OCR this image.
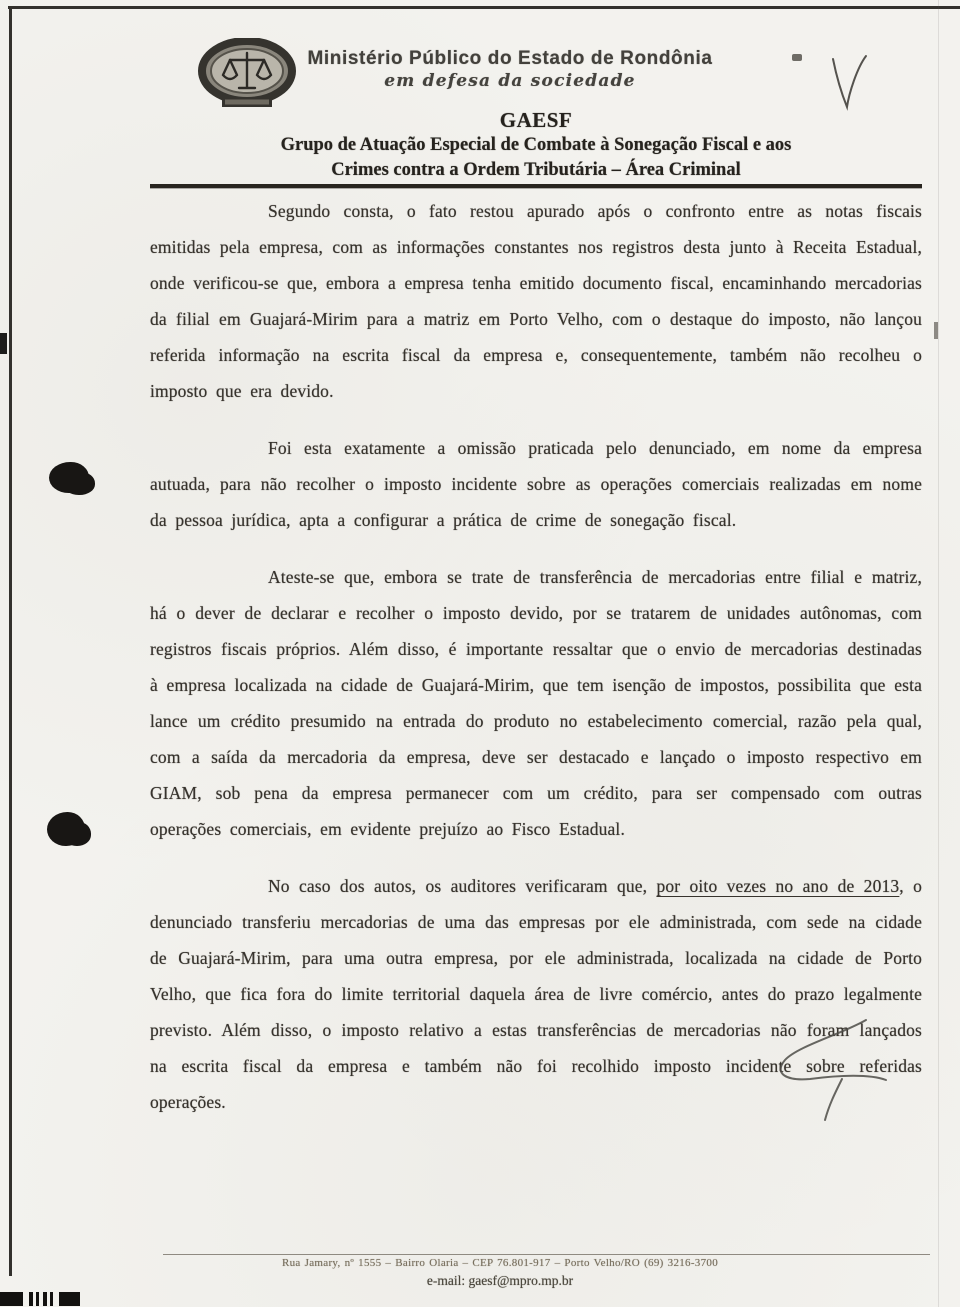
Ministério Público do Estado de Rondônia
em defesa da sociedade
GAESF
Grupo de Atuação Especial de Combate à Sonegação Fiscal e aos
Crimes contra a Ordem Tributária – Área Criminal

Segundo consta, o fato restou apurado após o confronto entre as notas fiscais emitidas pela empresa, com as informações constantes nos registros desta junto à Receita Estadual, onde verificou-se que, embora a empresa tenha emitido documento fiscal, encaminhando mercadorias da filial em Guajará-Mirim para a matriz em Porto Velho, com o destaque do imposto, não lançou referida informação na escrita fiscal da empresa e, consequentemente, também não recolheu o imposto que era devido.

Foi esta exatamente a omissão praticada pelo denunciado, em nome da empresa autuada, para não recolher o imposto incidente sobre as operações comerciais realizadas em nome da pessoa jurídica, apta a configurar a prática de crime de sonegação fiscal.

Ateste-se que, embora se trate de transferência de mercadorias entre filial e matriz, há o dever de declarar e recolher o imposto devido, por se tratarem de unidades autônomas, com registros fiscais próprios. Além disso, é importante ressaltar que o envio de mercadorias destinadas à empresa localizada na cidade de Guajará-Mirim, que tem isenção de impostos, possibilita que esta lance um crédito presumido na entrada do produto no estabelecimento comercial, razão pela qual, com a saída da mercadoria da empresa, deve ser destacado e lançado o imposto respectivo em GIAM, sob pena da empresa permanecer com um crédito, para ser compensado com outras operações comerciais, em evidente prejuízo ao Fisco Estadual.

No caso dos autos, os auditores verificaram que, por oito vezes no ano de 2013, o denunciado transferiu mercadorias de uma das empresas por ele administrada, com sede na cidade de Guajará-Mirim, para uma outra empresa, por ele administrada, localizada na cidade de Porto Velho, que fica fora do limite territorial daquela área de livre comércio, antes do prazo legalmente previsto. Além disso, o imposto relativo a estas transferências de mercadorias não foram lançados na escrita fiscal da empresa e também não foi recolhido imposto incidente sobre referidas operações.

Rua Jamary, nº 1555 – Bairro Olaria – CEP 76.801-917 – Porto Velho/RO (69) 3216-3700
e-mail: gaesf@mpro.mp.br
